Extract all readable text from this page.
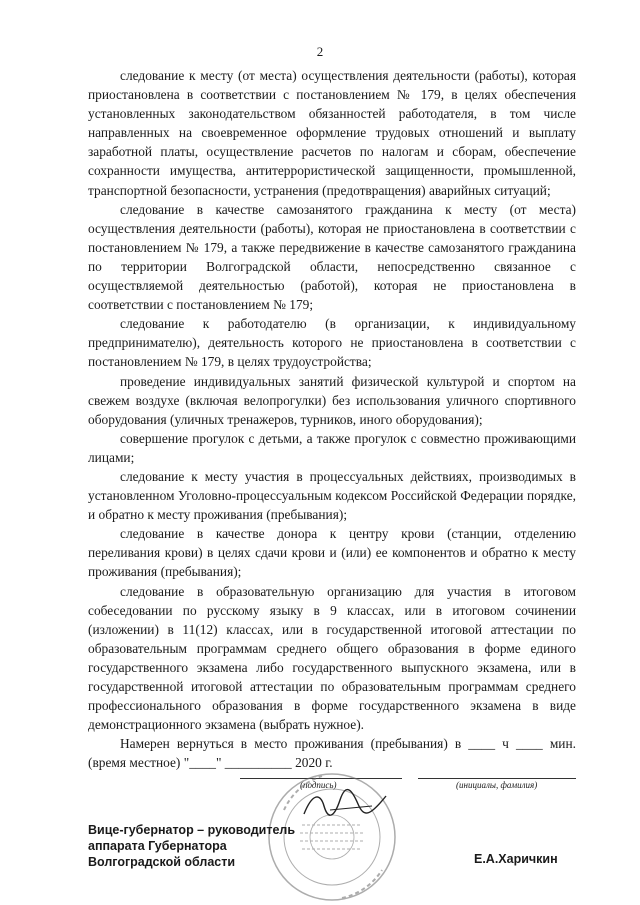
2

следование к месту (от места) осуществления деятельности (работы), которая приостановлена в соответствии с постановлением № 179, в целях обеспечения установленных законодательством обязанностей работодателя, в том числе направленных на своевременное оформление трудовых отношений и выплату заработной платы, осуществление расчетов по налогам и сборам, обеспечение сохранности имущества, антитеррористической защищенности, промышленной, транспортной безопасности, устранения (предотвращения) аварийных ситуаций;

следование в качестве самозанятого гражданина к месту (от места) осуществления деятельности (работы), которая не приостановлена в соответствии с постановлением № 179, а также передвижение в качестве самозанятого гражданина по территории Волгоградской области, непосредственно связанное с осуществляемой деятельностью (работой), которая не приостановлена в соответствии с постановлением № 179;

следование к работодателю (в организации, к индивидуальному предпринимателю), деятельность которого не приостановлена в соответствии с постановлением № 179, в целях трудоустройства;

проведение индивидуальных занятий физической культурой и спортом на свежем воздухе (включая велопрогулки) без использования уличного спортивного оборудования (уличных тренажеров, турников, иного оборудования);

совершение прогулок с детьми, а также прогулок с совместно проживающими лицами;

следование к месту участия в процессуальных действиях, производимых в установленном Уголовно-процессуальным кодексом Российской Федерации порядке, и обратно к месту проживания (пребывания);

следование в качестве донора к центру крови (станции, отделению переливания крови) в целях сдачи крови и (или) ее компонентов и обратно к месту проживания (пребывания);

следование в образовательную организацию для участия в итоговом собеседовании по русскому языку в 9 классах, или в итоговом сочинении (изложении) в 11(12) классах, или в государственной итоговой аттестации по образовательным программам среднего общего образования в форме единого государственного экзамена либо государственного выпускного экзамена, или в государственной итоговой аттестации по образовательным программам среднего профессионального образования в форме государственного экзамена в виде демонстрационного экзамена (выбрать нужное).

Намерен вернуться в место проживания (пребывания) в ____ ч ____ мин. (время местное) "____" __________ 2020 г.

(подпись)	(инициалы, фамилия)
Вице-губернатор – руководитель
аппарата Губернатора
Волгоградской области	Е.А.Харичкин
